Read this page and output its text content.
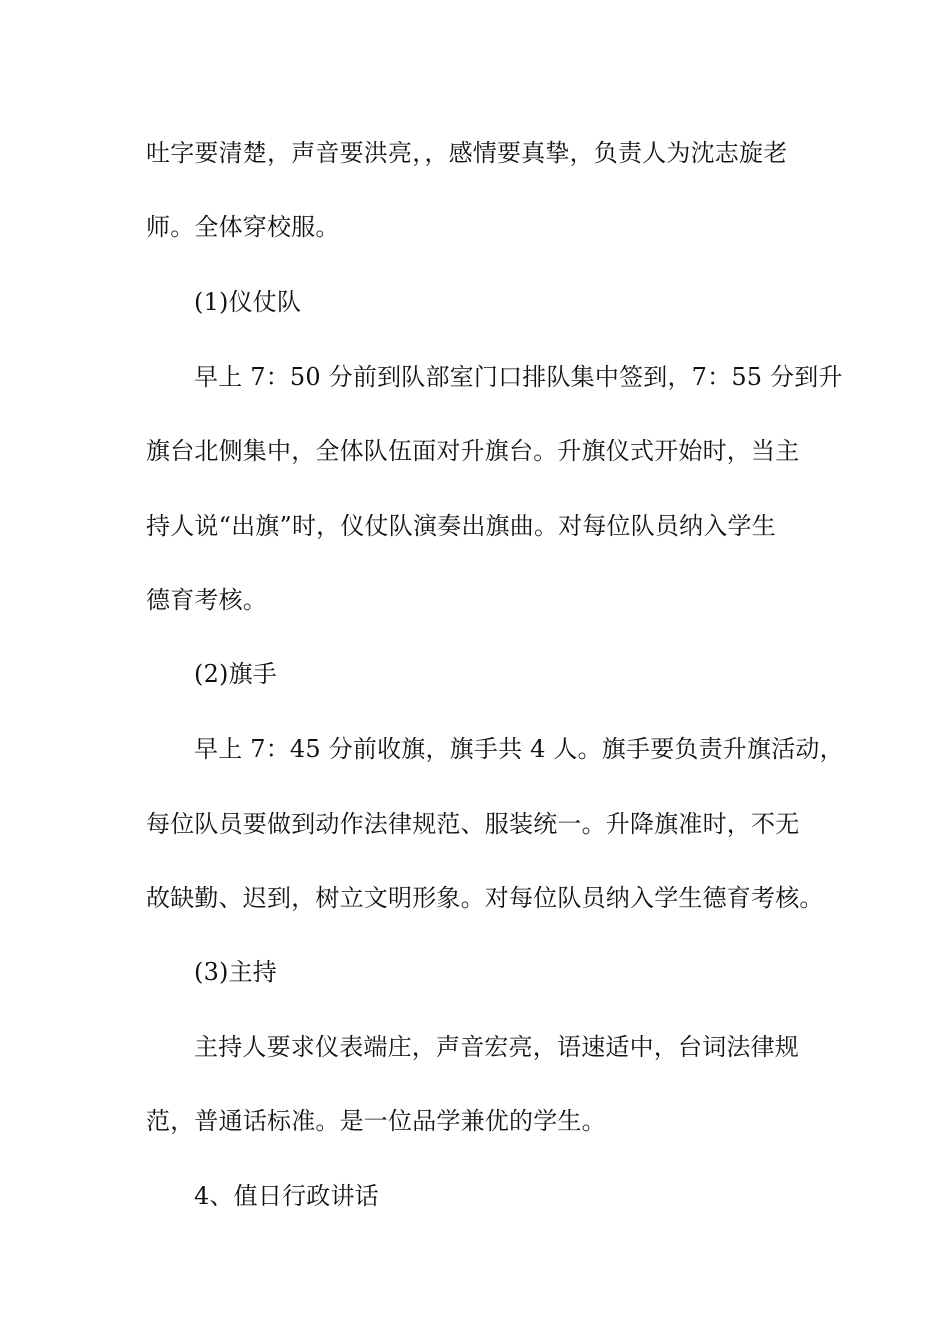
吐字要清楚，声音要洪亮，，感情要真挚，负责人为沈志旋老
师。全体穿校服。
(1)仪仗队
早上 7：50 分前到队部室门口排队集中签到，7：55 分到升
旗台北侧集中，全体队伍面对升旗台。升旗仪式开始时，当主
持人说“出旗”时，仪仗队演奏出旗曲。对每位队员纳入学生
德育考核。
(2)旗手
早上 7：45 分前收旗，旗手共 4 人。旗手要负责升旗活动，
每位队员要做到动作法律规范、服装统一。升降旗准时，不无
故缺勤、迟到，树立文明形象。对每位队员纳入学生德育考核。
(3)主持
主持人要求仪表端庄，声音宏亮，语速适中，台词法律规
范，普通话标准。是一位品学兼优的学生。
4、值日行政讲话
